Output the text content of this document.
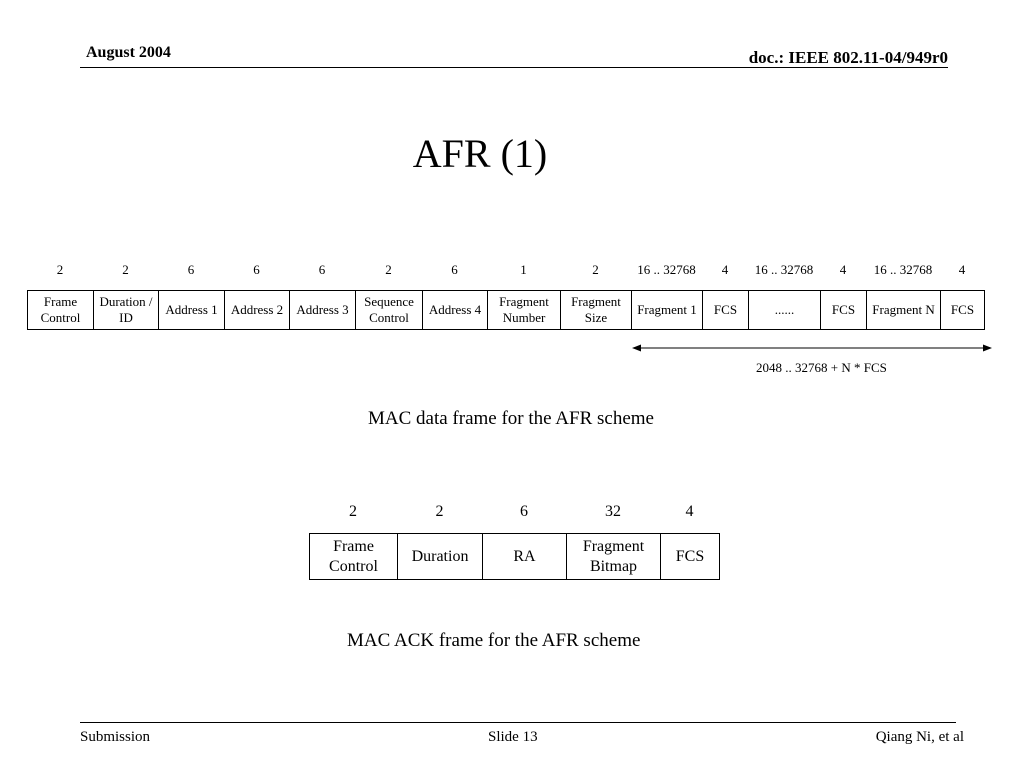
August 2004	doc.: IEEE 802.11-04/949r0
AFR (1)
2	2	6	6	6	2	6	1	2	16 .. 32768	4	16 .. 32768	4	16 .. 32768	4
Frame Control	Duration / ID	Address 1	Address 2	Address 3	Sequence Control	Address 4	Fragment Number	Fragment Size	Fragment 1	FCS	......	FCS	Fragment N	FCS
2048 .. 32768 + N * FCS
MAC data frame for the AFR scheme
2	2	6	32	4
Frame Control	Duration	RA	Fragment Bitmap	FCS
MAC ACK frame for the AFR scheme
Submission	Slide 13	Qiang Ni, et al
